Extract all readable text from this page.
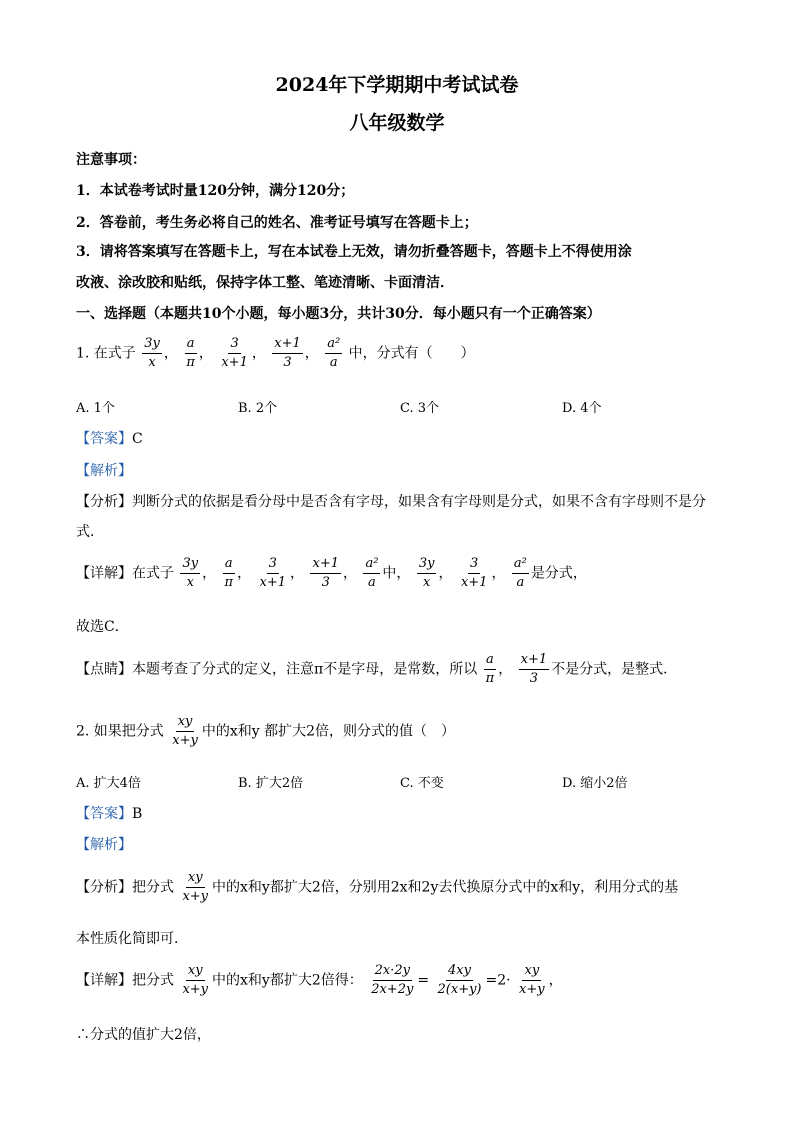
2024年下学期期中考试试卷
八年级数学
注意事项：
1．本试卷考试时量120分钟，满分120分；
2．答卷前，考生务必将自己的姓名、准考证号填写在答题卡上；
3．请将答案填写在答题卡上，写在本试卷上无效，请勿折叠答题卡，答题卡上不得使用涂
改液、涂改胶和贴纸，保持字体工整、笔迹清晰、卡面清洁．
一、选择题（本题共10个小题，每小题3分，共计30分．每小题只有一个正确答案）
1. 在式子 $\frac{3y}{x}$ ， $\frac{a}{\pi}$ ， $\frac{3}{x+1}$ ， $\frac{x+1}{3}$ ， $\frac{\text{a²}}{a}$ 中，分式有（　　）
A. 1个	B. 2个	C. 3个	D. 4个
【答案】C
【解析】
【分析】判断分式的依据是看分母中是否含有字母，如果含有字母则是分式，如果不含有字母则不是分
式．
【详解】在式子 $\frac{3y}{x}$ ， $\frac{a}{\pi}$ ， $\frac{3}{x+1}$ ， $\frac{x+1}{3}$ ， $\frac{\text{a²}}{a}$ 中， $\frac{3y}{x}$ ， $\frac{3}{x+1}$ ， $\frac{\text{a²}}{a}$ 是分式，
故选C．
【点睛】本题考查了分式的定义，注意π不是字母，是常数，所以 $\frac{a}{\pi}$ ， $\frac{x+1}{3}$ 不是分式，是整式．
2. 如果把分式 $\frac{xy}{x+y}$ 中的x和y 都扩大2倍，则分式的值（　）
A. 扩大4倍	B. 扩大2倍	C. 不变	D. 缩小2倍
【答案】B
【解析】
【分析】把分式 $\frac{xy}{x+y}$ 中的x和y都扩大2倍，分别用2x和2y去代换原分式中的x和y，利用分式的基
本性质化简即可.
【详解】把分式 $\frac{xy}{x+y}$ 中的x和y都扩大2倍得： $\frac{2x\cdot 2y}{2x+2y} = \frac{4xy}{2(x+y)} =2\cdot \frac{xy}{x+y}$ ，
∴分式的值扩大2倍，
